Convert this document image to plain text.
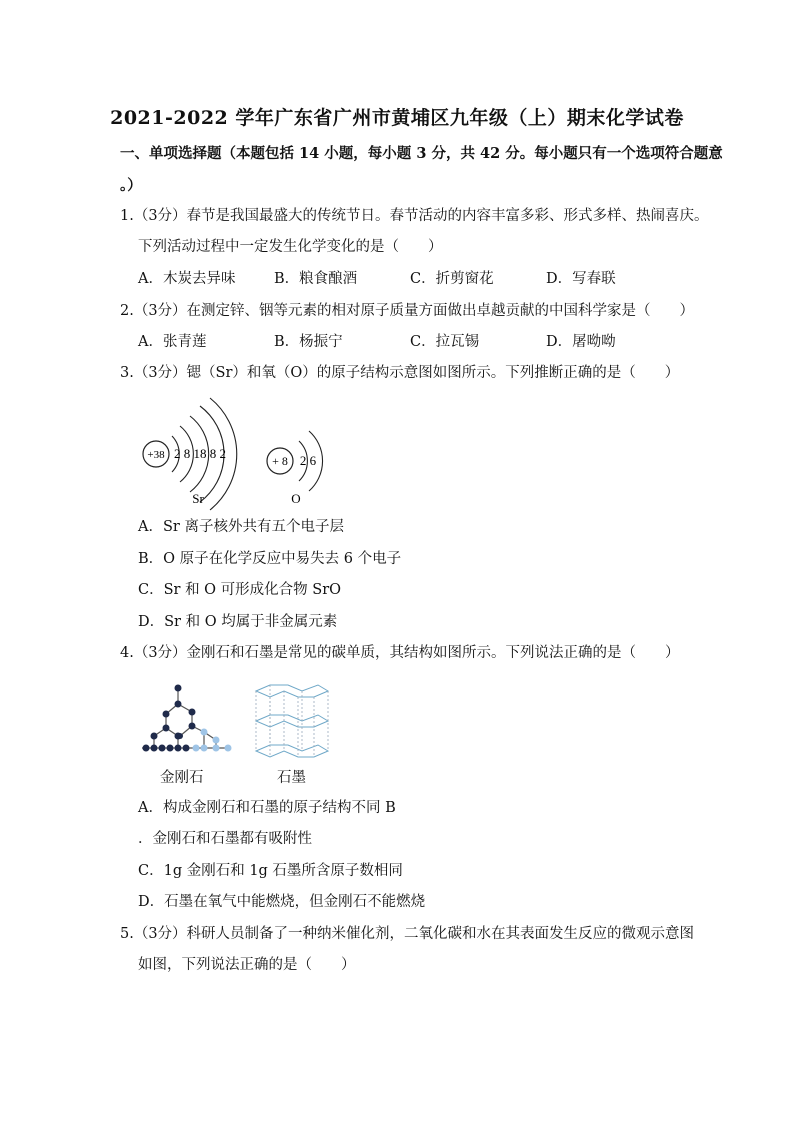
2021-2022 学年广东省广州市黄埔区九年级（上）期末化学试卷
一、单项选择题（本题包括 14 小题，每小题 3 分，共 42 分。每小题只有一个选项符合题意
。）
1.（3分）春节是我国最盛大的传统节日。春节活动的内容丰富多彩、形式多样、热闹喜庆。
下列活动过程中一定发生化学变化的是（　　）
A．木炭去异味	B．粮食酿酒	C．折剪窗花	D．写春联
2.（3分）在测定锌、铟等元素的相对原子质量方面做出卓越贡献的中国科学家是（　　）
A．张青莲	B．杨振宁	C．拉瓦锡	D．屠呦呦
3.（3分）锶（Sr）和氧（O）的原子结构示意图如图所示。下列推断正确的是（　　）
+38 2 8 18 8 2
Sr
+ 8 2 6
O
A．Sr 离子核外共有五个电子层
B．O 原子在化学反应中易失去 6 个电子
C．Sr 和 O 可形成化合物 SrO
D．Sr 和 O 均属于非金属元素
4.（3分）金刚石和石墨是常见的碳单质，其结构如图所示。下列说法正确的是（　　）
金刚石	石墨
A．构成金刚石和石墨的原子结构不同 B
．金刚石和石墨都有吸附性
C．1g 金刚石和 1g 石墨所含原子数相同
D．石墨在氧气中能燃烧，但金刚石不能燃烧
5.（3分）科研人员制备了一种纳米催化剂，二氧化碳和水在其表面发生反应的微观示意图
如图，下列说法正确的是（　　）
